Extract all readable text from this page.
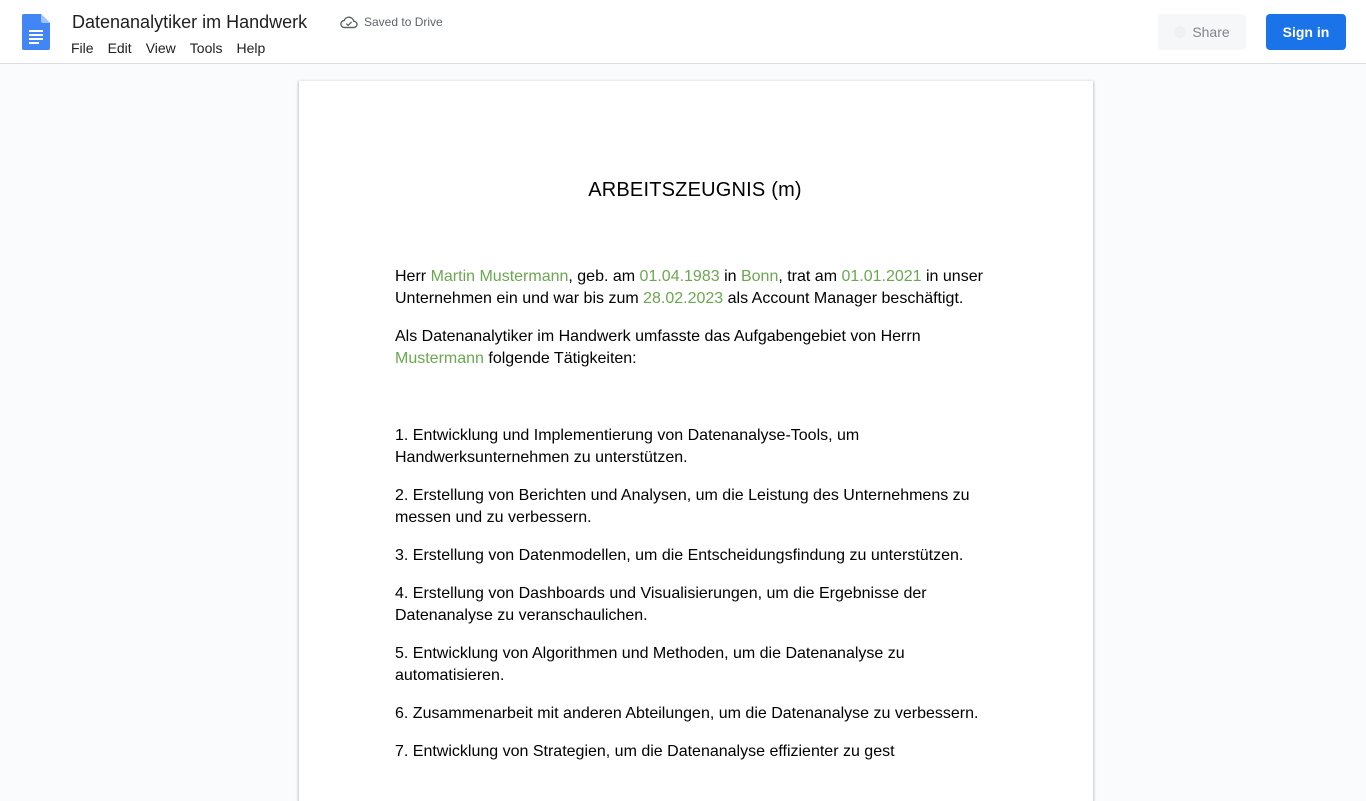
Datenanalytiker im Handwerk	Saved to Drive
File	Edit	View	Tools	Help
Share	Sign in
ARBEITSZEUGNIS (m)
Herr Martin Mustermann, geb. am 01.04.1983 in Bonn, trat am 01.01.2021 in unser Unternehmen ein und war bis zum 28.02.2023 als Account Manager beschäftigt.
Als Datenanalytiker im Handwerk umfasste das Aufgabengebiet von Herrn Mustermann folgende Tätigkeiten:
1. Entwicklung und Implementierung von Datenanalyse-Tools, um Handwerksunternehmen zu unterstützen.
2. Erstellung von Berichten und Analysen, um die Leistung des Unternehmens zu messen und zu verbessern.
3. Erstellung von Datenmodellen, um die Entscheidungsfindung zu unterstützen.
4. Erstellung von Dashboards und Visualisierungen, um die Ergebnisse der Datenanalyse zu veranschaulichen.
5. Entwicklung von Algorithmen und Methoden, um die Datenanalyse zu automatisieren.
6. Zusammenarbeit mit anderen Abteilungen, um die Datenanalyse zu verbessern.
7. Entwicklung von Strategien, um die Datenanalyse effizienter zu gest
